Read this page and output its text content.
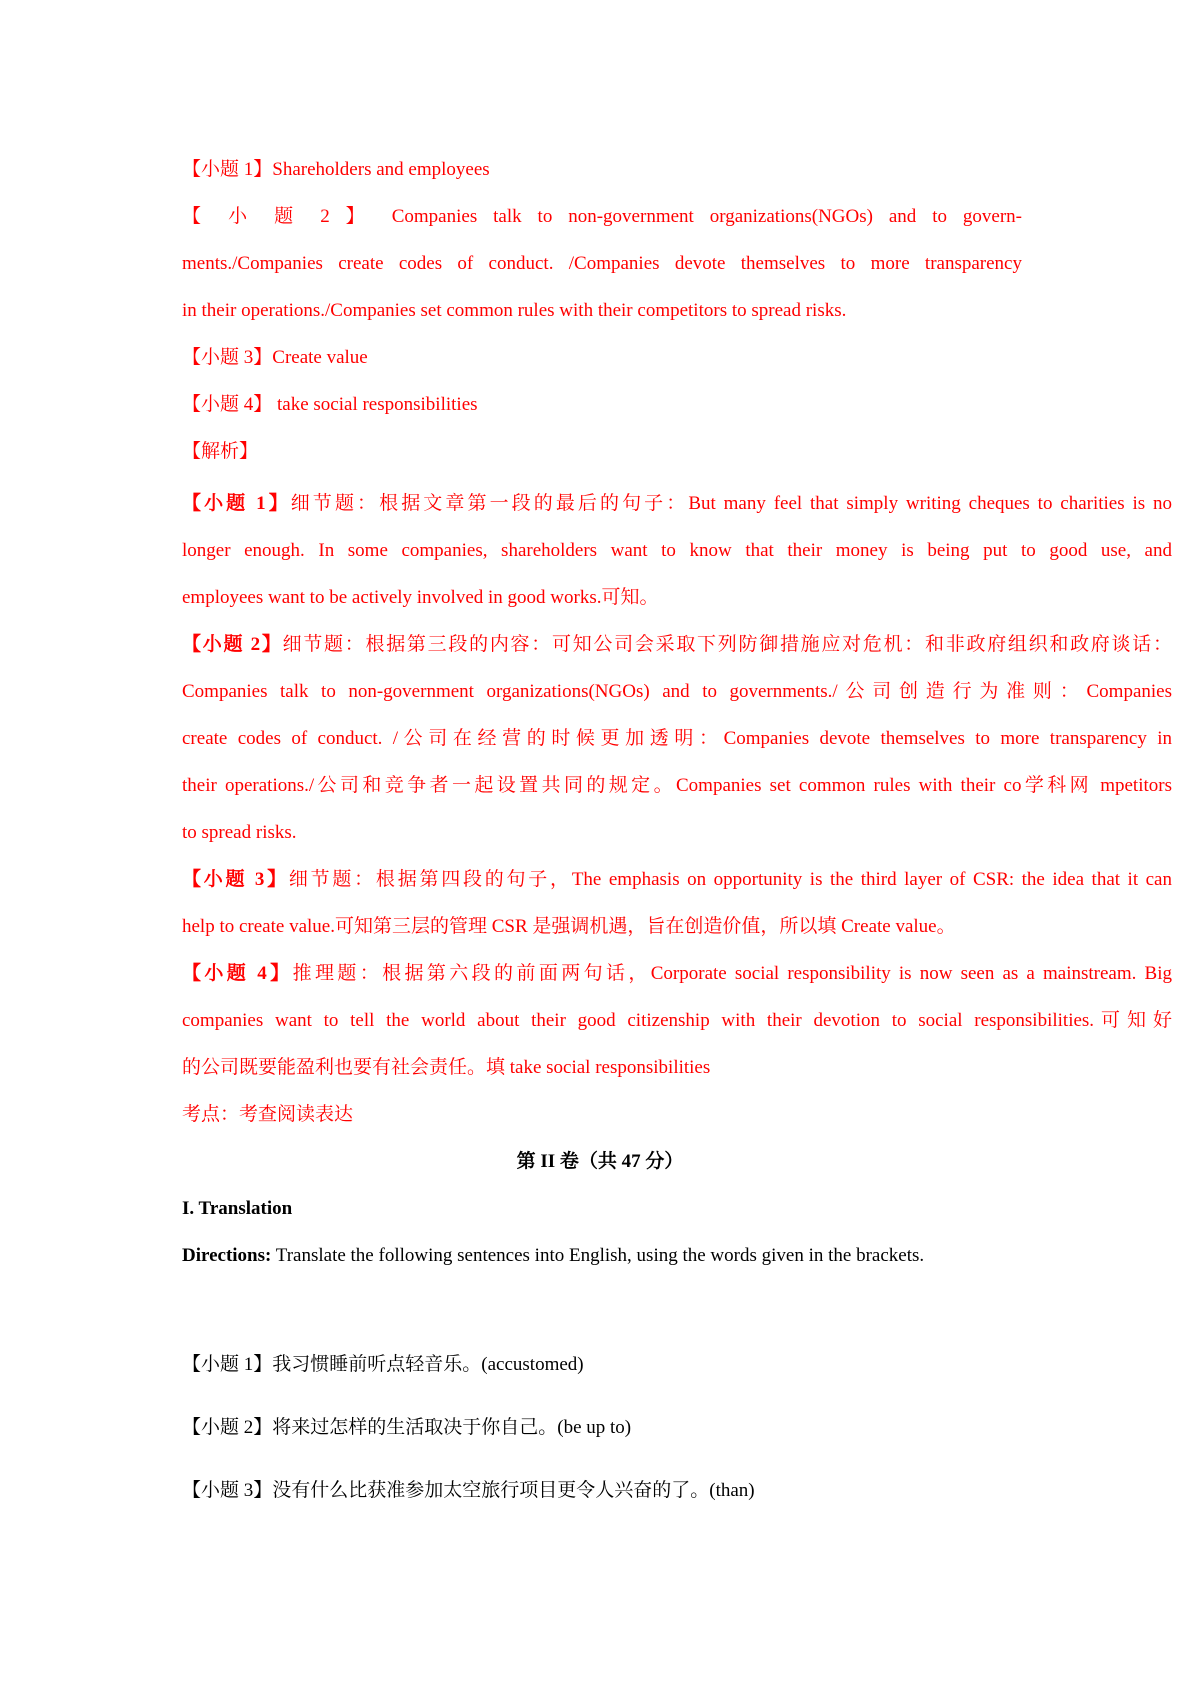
【小题 1】Shareholders and employees
【 小 题 2 】 Companies talk to non-government organizations(NGOs) and to govern-
ments./Companies create codes of conduct. /Companies devote themselves to more transparency
in their operations./Companies set common rules with their competitors to spread risks.
【小题 3】Create value
【小题 4】 take social responsibilities
【解析】
【小题 1】细节题：根据文章第一段的最后的句子：But many feel that simply writing cheques to charities is no
longer enough. In some companies, shareholders want to know that their money is being put to good use, and
employees want to be actively involved in good works.可知。
【小题 2】细节题：根据第三段的内容：可知公司会采取下列防御措施应对危机：和非政府组织和政府谈话：
Companies talk to non-government organizations(NGOs) and to governments./公司创造行为准则：Companies
create codes of conduct. /公司在经营的时候更加透明：Companies devote themselves to more transparency in
their operations./公司和竞争者一起设置共同的规定。Companies set common rules with their co学科网 mpetitors
to spread risks.
【小题 3】细节题：根据第四段的句子，The emphasis on opportunity is the third layer of CSR: the idea that it can
help to create value.可知第三层的管理 CSR 是强调机遇，旨在创造价值，所以填 Create value。
【小题 4】推理题：根据第六段的前面两句话，Corporate social responsibility is now seen as a mainstream. Big
companies want to tell the world about their good citizenship with their devotion to social responsibilities.可知好
的公司既要能盈利也要有社会责任。填 take social responsibilities
考点：考查阅读表达
第 II 卷（共 47 分）
I. Translation
Directions: Translate the following sentences into English, using the words given in the brackets.
【小题 1】我习惯睡前听点轻音乐。(accustomed)
【小题 2】将来过怎样的生活取决于你自己。(be up to)
【小题 3】没有什么比获准参加太空旅行项目更令人兴奋的了。(than)
